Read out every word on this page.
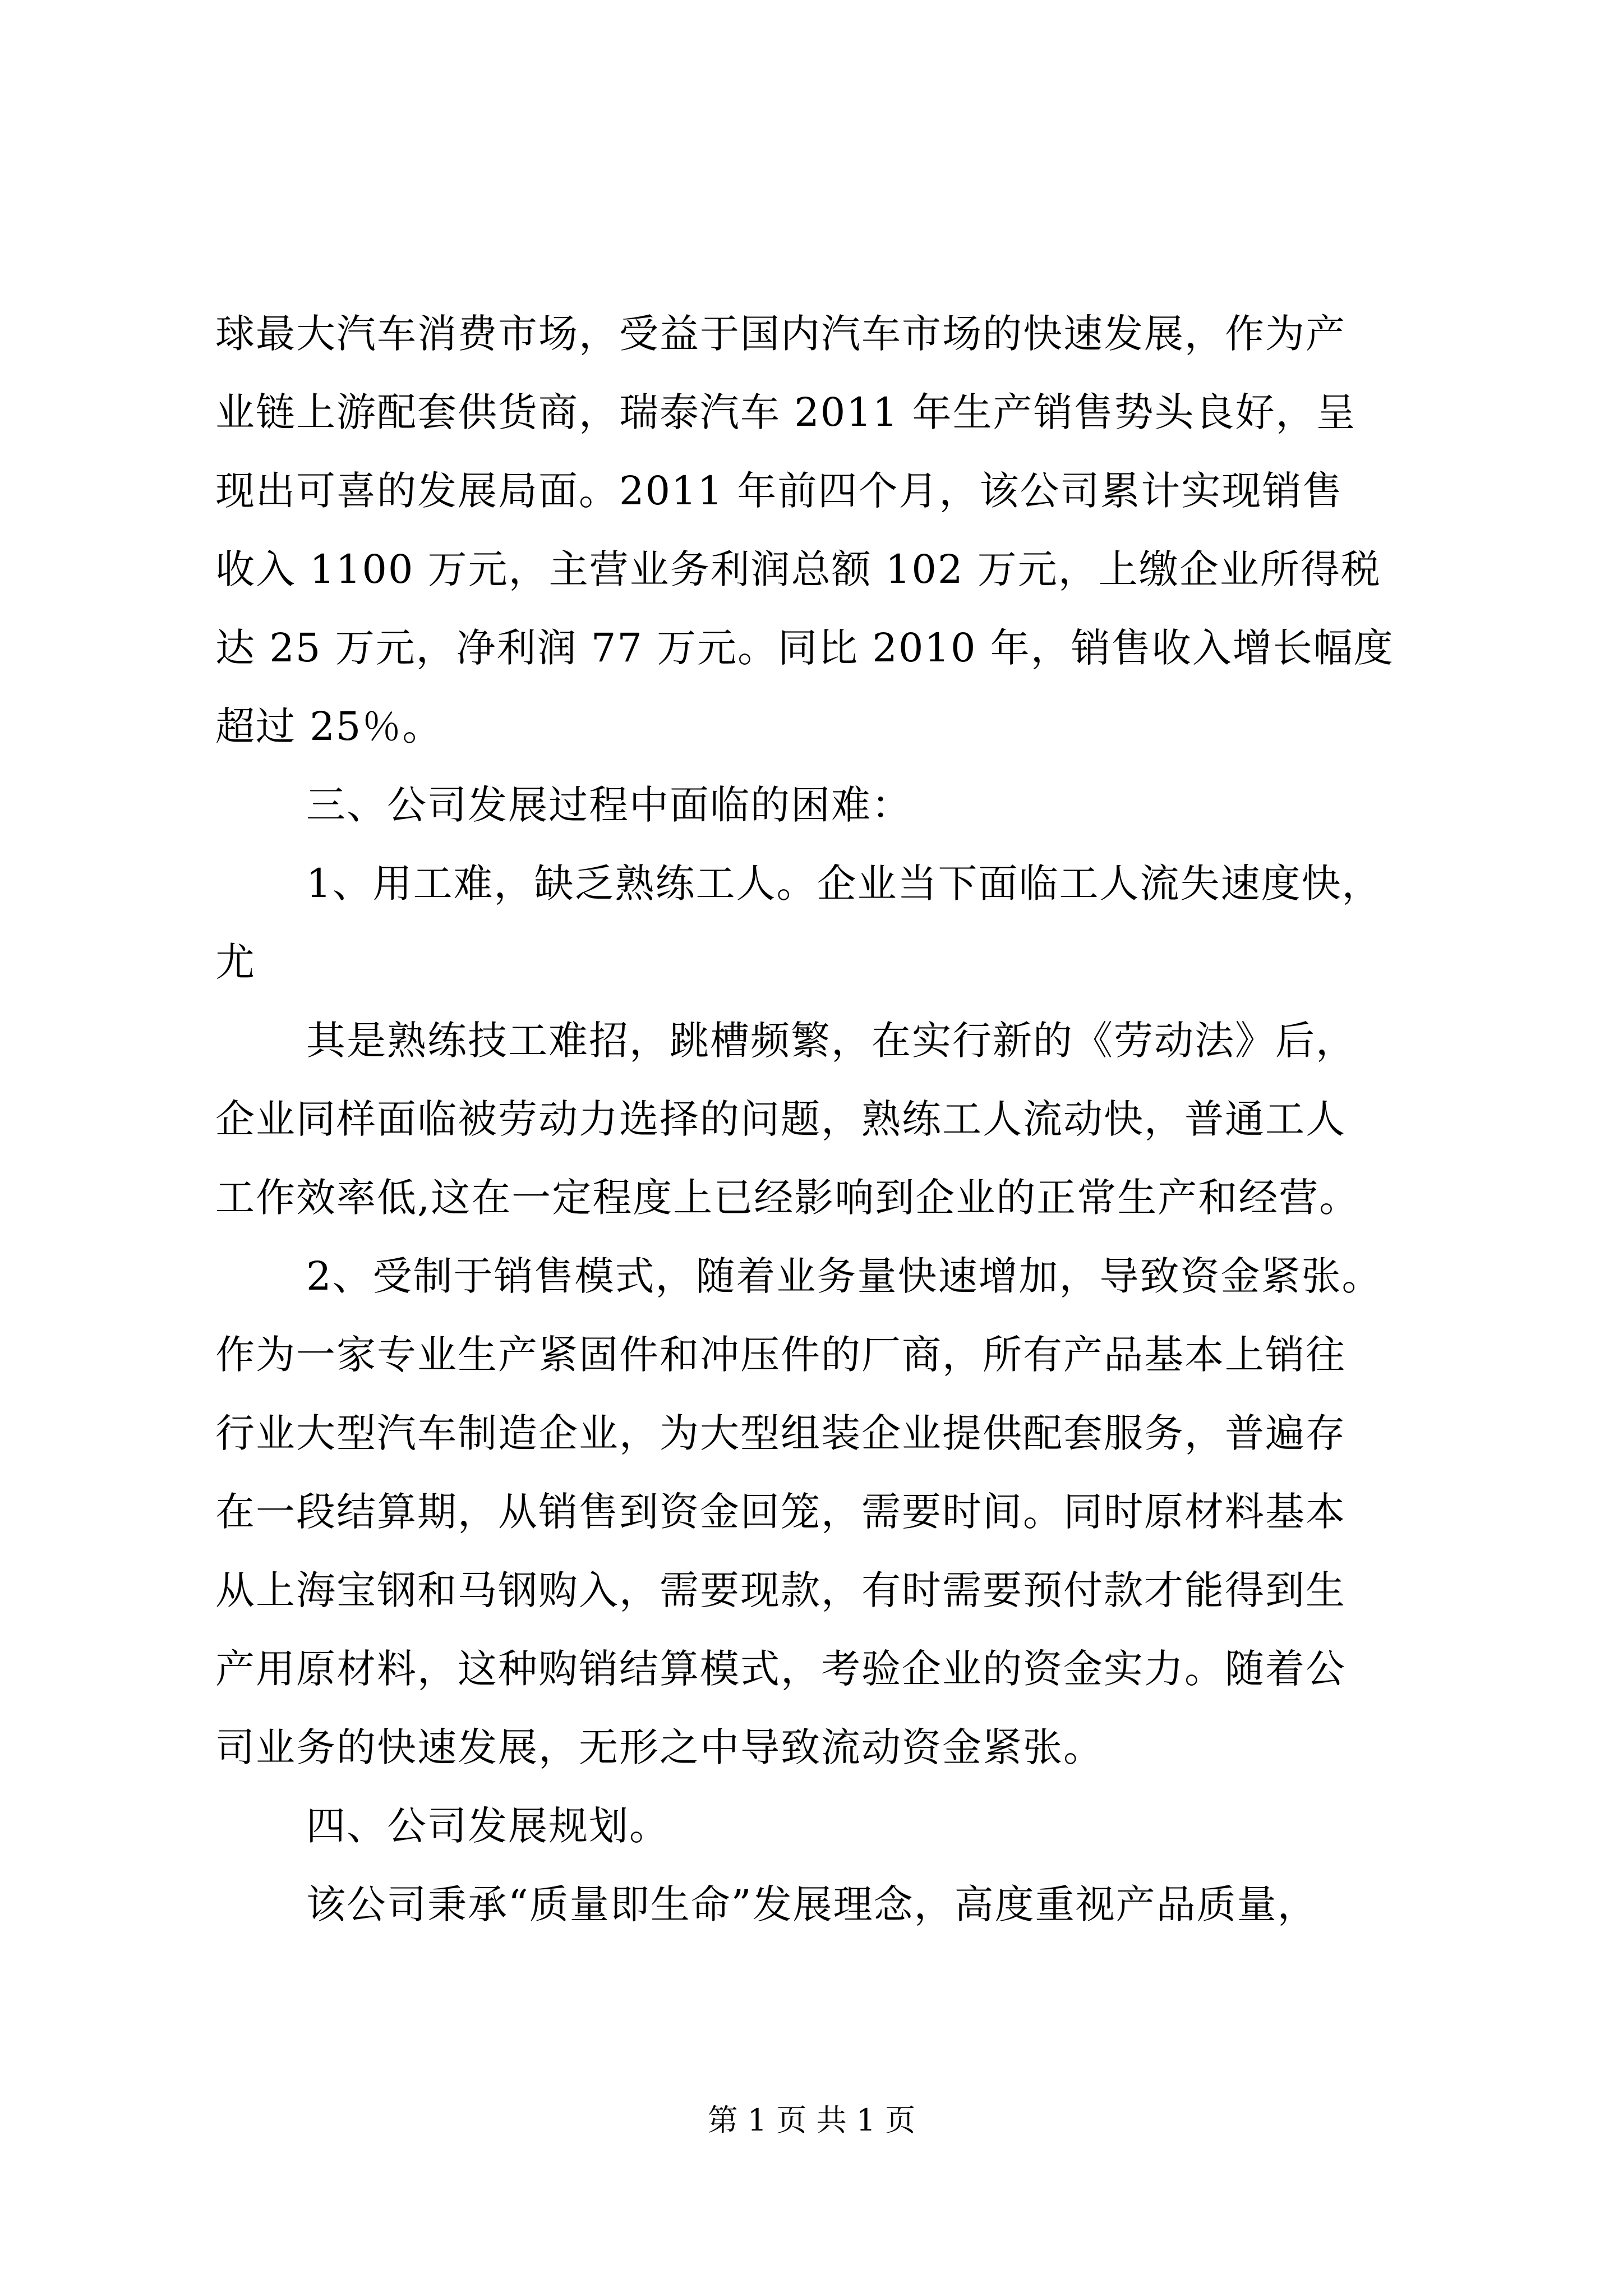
球最大汽车消费市场，受益于国内汽车市场的快速发展，作为产
业链上游配套供货商，瑞泰汽车 2011 年生产销售势头良好，呈
现出可喜的发展局面。2011 年前四个月，该公司累计实现销售
收入 1100 万元，主营业务利润总额 102 万元，上缴企业所得税
达 25 万元，净利润 77 万元。同比 2010 年，销售收入增长幅度
超过 25％。
三、公司发展过程中面临的困难：
1、用工难，缺乏熟练工人。企业当下面临工人流失速度快，
尤
其是熟练技工难招，跳槽频繁，在实行新的《劳动法》后，
企业同样面临被劳动力选择的问题，熟练工人流动快，普通工人
工作效率低,这在一定程度上已经影响到企业的正常生产和经营。
2、受制于销售模式，随着业务量快速增加，导致资金紧张。
作为一家专业生产紧固件和冲压件的厂商，所有产品基本上销往
行业大型汽车制造企业，为大型组装企业提供配套服务，普遍存
在一段结算期，从销售到资金回笼，需要时间。同时原材料基本
从上海宝钢和马钢购入，需要现款，有时需要预付款才能得到生
产用原材料，这种购销结算模式，考验企业的资金实力。随着公
司业务的快速发展，无形之中导致流动资金紧张。
四、公司发展规划。
该公司秉承“质量即生命”发展理念，高度重视产品质量，
第 1 页 共 1 页
